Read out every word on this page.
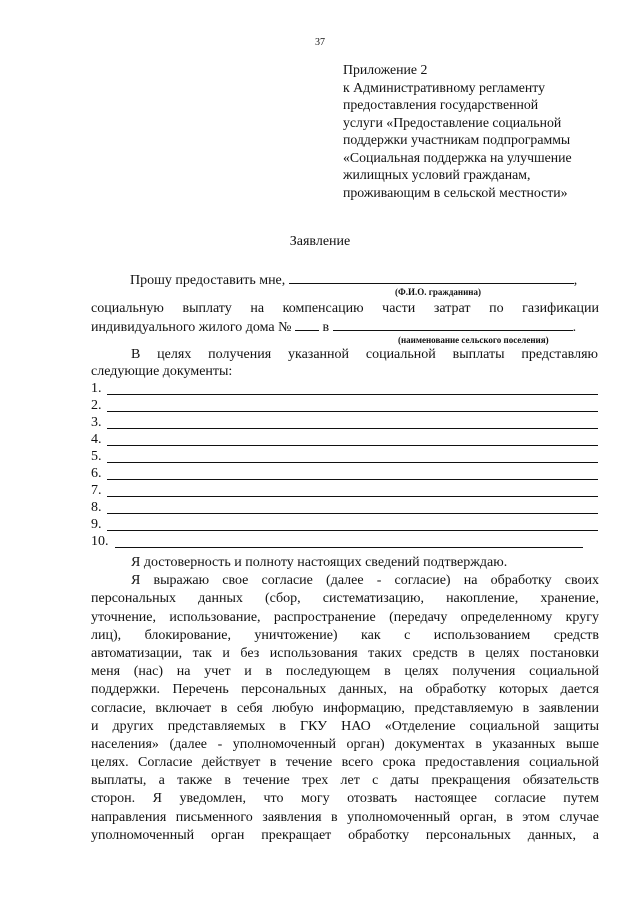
37
Приложение 2
к Административному регламенту
предоставления государственной
услуги «Предоставление социальной
поддержки участникам подпрограммы
«Социальная поддержка на улучшение
жилищных условий гражданам,
проживающим в сельской местности»
Заявление
Прошу предоставить мне,	,
(Ф.И.О. гражданина)
социальную выплату на компенсацию части затрат по газификации
индивидуального жилого дома № в	.
(наименование сельского поселения)
В целях получения указанной социальной выплаты представляю
следующие документы:
1.
2.
3.
4.
5.
6.
7.
8.
9.
10.
Я достоверность и полноту настоящих сведений подтверждаю.
Я выражаю свое согласие (далее - согласие) на обработку своих
персональных данных (сбор, систематизацию, накопление, хранение,
уточнение, использование, распространение (передачу определенному кругу
лиц), блокирование, уничтожение) как с использованием средств
автоматизации, так и без использования таких средств в целях постановки
меня (нас) на учет и в последующем в целях получения социальной
поддержки. Перечень персональных данных, на обработку которых дается
согласие, включает в себя любую информацию, представляемую в заявлении
и других представляемых в ГКУ НАО «Отделение социальной защиты
населения» (далее - уполномоченный орган) документах в указанных выше
целях. Согласие действует в течение всего срока предоставления социальной
выплаты, а также в течение трех лет с даты прекращения обязательств
сторон. Я уведомлен, что могу отозвать настоящее согласие путем
направления письменного заявления в уполномоченный орган, в этом случае
уполномоченный орган прекращает обработку персональных данных, а
